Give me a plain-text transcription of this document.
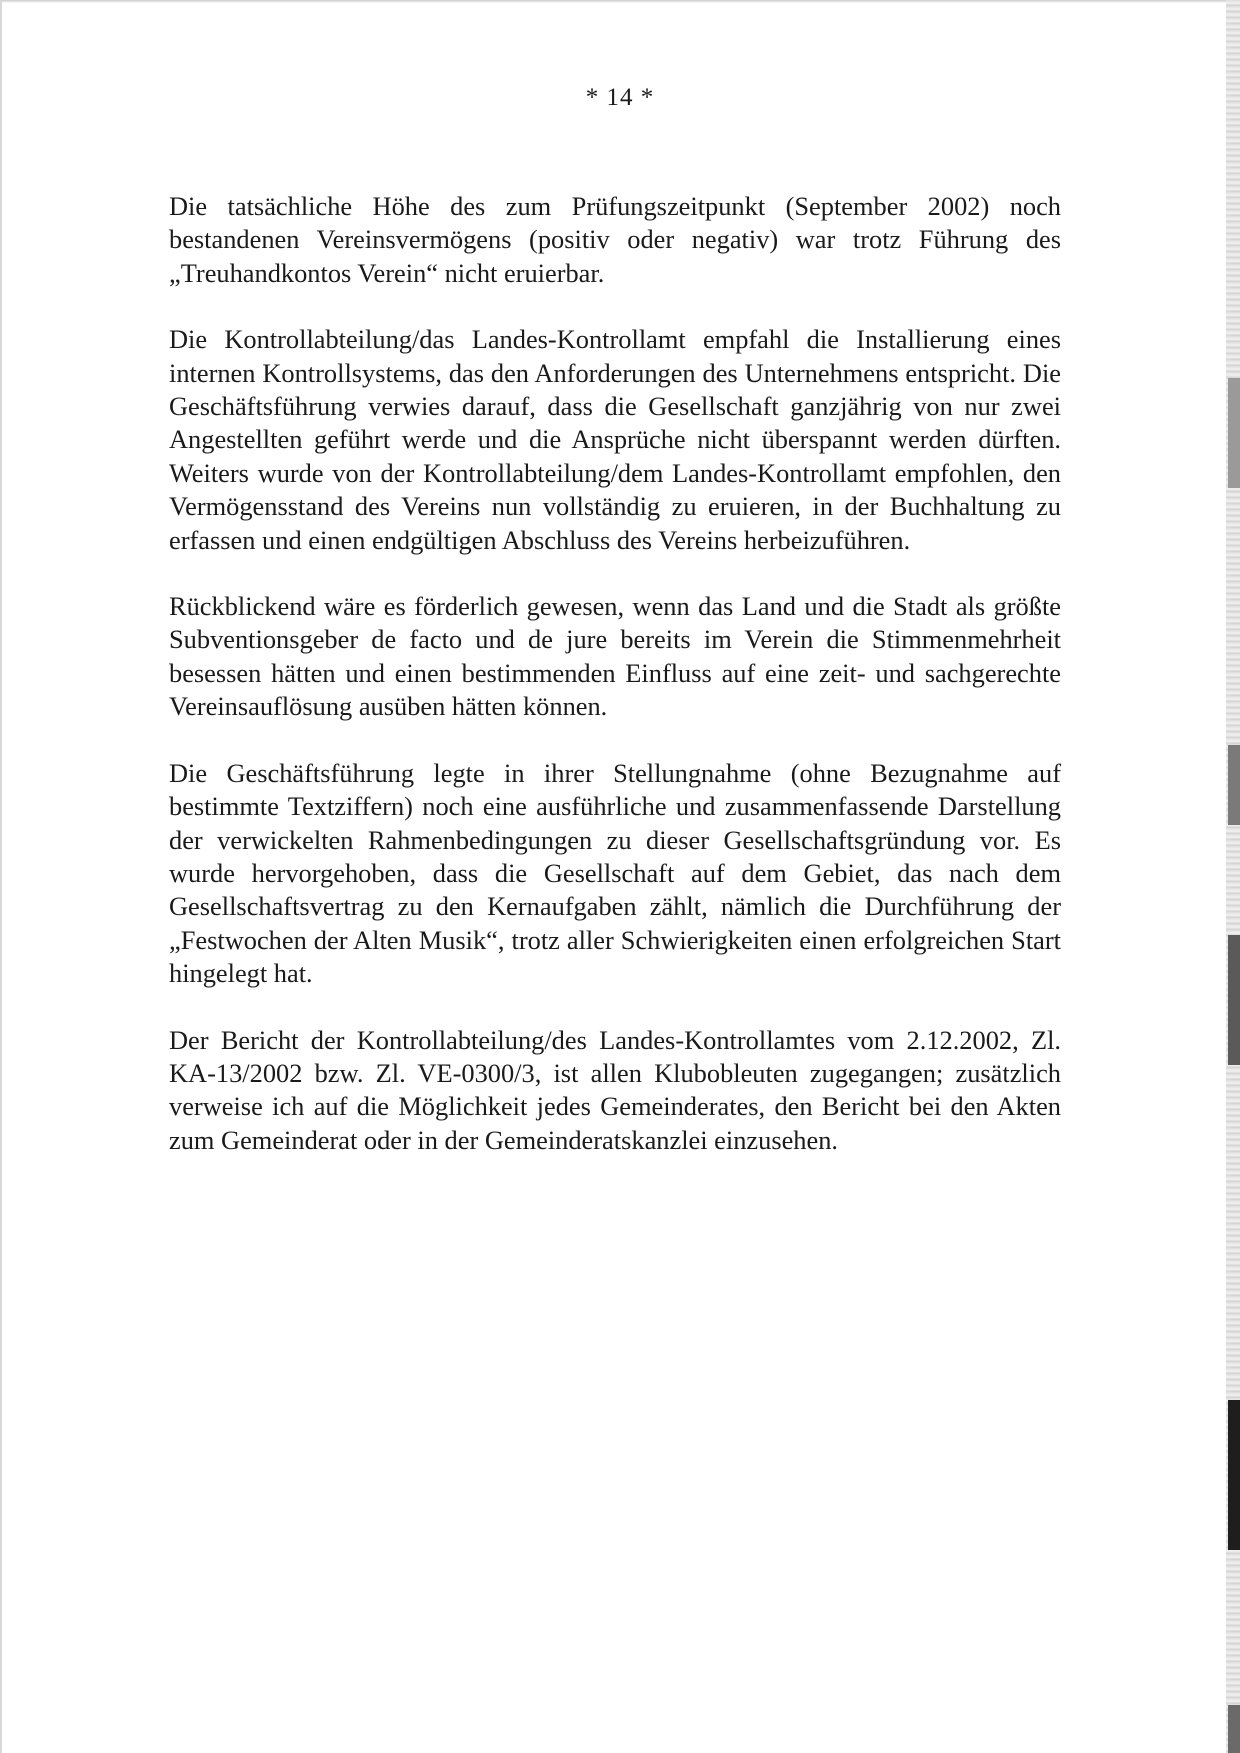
* 14 *

Die tatsächliche Höhe des zum Prüfungszeitpunkt (September 2002) noch bestandenen Vereinsvermögens (positiv oder negativ) war trotz Führung des „Treuhandkontos Verein“ nicht eruierbar.

Die Kontrollabteilung/das Landes-Kontrollamt empfahl die Installierung eines internen Kontrollsystems, das den Anforderungen des Unternehmens entspricht. Die Geschäftsführung verwies darauf, dass die Gesellschaft ganzjährig von nur zwei Angestellten geführt werde und die Ansprüche nicht überspannt werden dürften. Weiters wurde von der Kontrollabteilung/dem Landes-Kontrollamt empfohlen, den Vermögensstand des Vereins nun vollständig zu eruieren, in der Buchhaltung zu erfassen und einen endgültigen Abschluss des Vereins herbeizuführen.

Rückblickend wäre es förderlich gewesen, wenn das Land und die Stadt als größte Subventionsgeber de facto und de jure bereits im Verein die Stimmenmehrheit besessen hätten und einen bestimmenden Einfluss auf eine zeit- und sachgerechte Vereinsauflösung ausüben hätten können.

Die Geschäftsführung legte in ihrer Stellungnahme (ohne Bezugnahme auf bestimmte Textziffern) noch eine ausführliche und zusammenfassende Darstellung der verwickelten Rahmenbedingungen zu dieser Gesellschaftsgründung vor. Es wurde hervorgehoben, dass die Gesellschaft auf dem Gebiet, das nach dem Gesellschaftsvertrag zu den Kernaufgaben zählt, nämlich die Durchführung der „Festwochen der Alten Musik“, trotz aller Schwierigkeiten einen erfolgreichen Start hingelegt hat.

Der Bericht der Kontrollabteilung/des Landes-Kontrollamtes vom 2.12.2002, Zl. KA-13/2002 bzw. Zl. VE-0300/3, ist allen Klubobleuten zugegangen; zusätzlich verweise ich auf die Möglichkeit jedes Gemeinderates, den Bericht bei den Akten zum Gemeinderat oder in der Gemeinderatskanzlei einzusehen.
